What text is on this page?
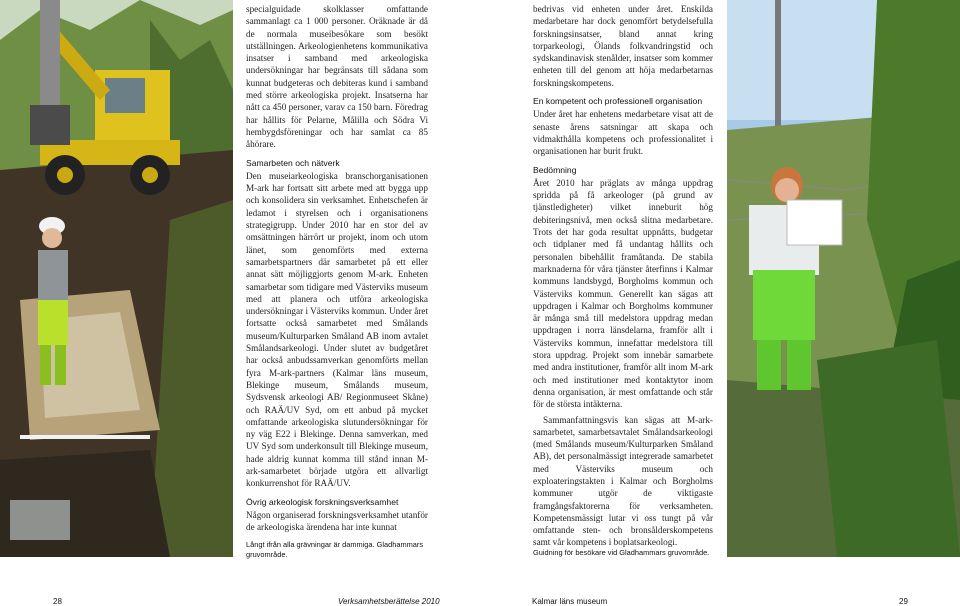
specialguidade skolklasser omfattande sammanlagt ca 1 000 personer. Oräknade är då de normala museibesökare som besökt utställningen. Arkeologienhetens kommunikativa insatser i samband med arkeologiska undersökningar har begränsats till sådana som kunnat budgeteras och debiteras kund i samband med större arkeologiska projekt. Insatserna har nått ca 450 personer, varav ca 150 barn. Föredrag har hållits för Pelarne, Målilla och Södra Vi hembygdsföreningar och har samlat ca 85 åhörare.

Samarbeten och nätverk

Den museiarkeologiska branschorganisationen M-ark har fortsatt sitt arbete med att bygga upp och konsolidera sin verksamhet. Enhetschefen är ledamot i styrelsen och i organisationens strategigrupp. Under 2010 har en stor del av omsättningen härrört ur projekt, inom och utom länet, som genomförts med externa samarbetspartners där samarbetet på ett eller annat sätt möjliggjorts genom M-ark. Enheten samarbetar som tidigare med Västerviks museum med att planera och utföra arkeologiska undersökningar i Västerviks kommun. Under året fortsatte också samarbetet med Smålands museum/Kulturparken Småland AB inom avtalet Smålandsarkeologi. Under slutet av budgetåret har också anbudssamverkan genomförts mellan fyra M-ark-partners (Kalmar läns museum, Blekinge museum, Smålands museum, Sydsvensk arkeologi AB/ Regionmuseet Skåne) och RAÄ/UV Syd, om ett anbud på mycket omfattande arkeologiska slutundersökningar för ny väg E22 i Blekinge. Denna samverkan, med UV Syd som underkonsult till Blekinge museum, hade aldrig kunnat komma till stånd innan M-ark-samarbetet började utgöra ett allvarligt konkurrenshot för RAÄ/UV.

Övrig arkeologisk forskningsverksamhet

Någon organiserad forskningsverksamhet utanför de arkeologiska ärendena har inte kunnat

Långt ifrån alla grävningar är dammiga. Gladhammars gruvområde.

bedrivas vid enheten under året. Enskilda medarbetare har dock genomfört betydelsefulla forskningsinsatser, bland annat kring torparkeologi, Ölands folkvandringstid och sydskandinavisk stenålder, insatser som kommer enheten till del genom att höja medarbetarnas forskningskompetens.

En kompetent och professionell organisation

Under året har enhetens medarbetare visat att de senaste årens satsningar att skapa och vidmakthålla kompetens och professionalitet i organisationen har burit frukt.

Bedömning

Året 2010 har präglats av många uppdrag spridda på få arkeologer (på grund av tjänstledigheter) vilket inneburit hög debiteringsnivå, men också slitna medarbetare. Trots det har goda resultat uppnåtts, budgetar och tidplaner med få undantag hållits och personalen bibehållit framåtanda. De stabila marknaderna för våra tjänster återfinns i Kalmar kommuns landsbygd, Borgholms kommun och Västerviks kommun. Generellt kan sägas att uppdragen i Kalmar och Borgholms kommuner är många små till medelstora uppdrag medan uppdragen i norra länsdelarna, framför allt i Västerviks kommun, innefattar medelstora till stora uppdrag. Projekt som innebär samarbete med andra institutioner, framför allt inom M-ark och med institutioner med kontaktytor inom denna organisation, är mest omfattande och står för de största intäkterna.

Sammanfattningsvis kan sägas att M-ark-samarbetet, samarbetsavtalet Smålandsarkeologi (med Smålands museum/Kulturparken Småland AB), det personalmässigt integrerade samarbetet med Västerviks museum och exploateringstakten i Kalmar och Borgholms kommuner utgör de viktigaste framgångsfaktorerna för verksamheten. Kompetensmässigt lutar vi oss tungt på vår omfattande sten- och bronsålderskompetens samt vår kompetens i boplatsarkeologi.

Guidning för besökare vid Gladhammars gruvområde.
28	Verksamhetsberättelse 2010	Kalmar läns museum	29
